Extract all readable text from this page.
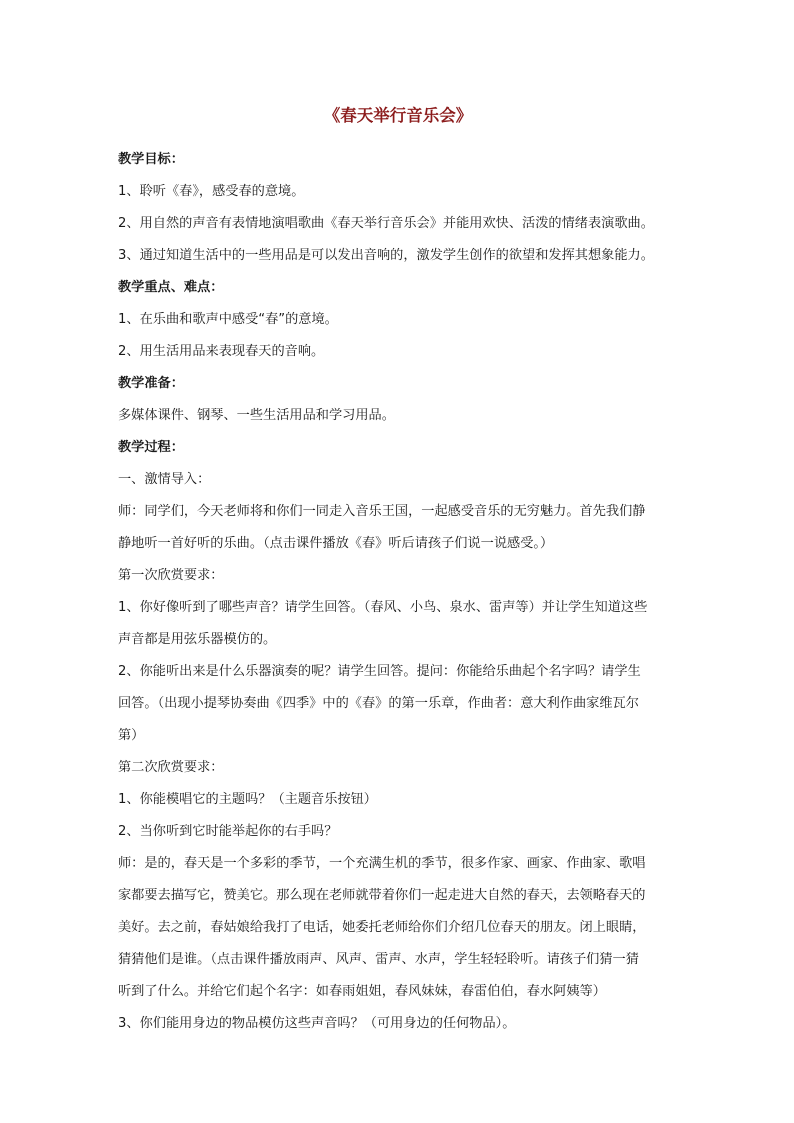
《春天举行音乐会》
教学目标：
1、聆听《春》，感受春的意境。
2、用自然的声音有表情地演唱歌曲《春天举行音乐会》并能用欢快、活泼的情绪表演歌曲。
3、通过知道生活中的一些用品是可以发出音响的，激发学生创作的欲望和发挥其想象能力。
教学重点、难点：
1、在乐曲和歌声中感受“春”的意境。
2、用生活用品来表现春天的音响。
教学准备：
多媒体课件、钢琴、一些生活用品和学习用品。
教学过程：
一、激情导入：
师：同学们，今天老师将和你们一同走入音乐王国，一起感受音乐的无穷魅力。首先我们静
静地听一首好听的乐曲。（点击课件播放《春》听后请孩子们说一说感受。）
第一次欣赏要求：
1、你好像听到了哪些声音？请学生回答。（春风、小鸟、泉水、雷声等）并让学生知道这些
声音都是用弦乐器模仿的。
2、你能听出来是什么乐器演奏的呢？请学生回答。提问：你能给乐曲起个名字吗？请学生
回答。（出现小提琴协奏曲《四季》中的《春》的第一乐章，作曲者：意大利作曲家维瓦尔
第）
第二次欣赏要求：
1、你能模唱它的主题吗？（主题音乐按钮）
2、当你听到它时能举起你的右手吗？
师：是的，春天是一个多彩的季节，一个充满生机的季节，很多作家、画家、作曲家、歌唱
家都要去描写它，赞美它。那么现在老师就带着你们一起走进大自然的春天，去领略春天的
美好。去之前，春姑娘给我打了电话，她委托老师给你们介绍几位春天的朋友。闭上眼睛，
猜猜他们是谁。（点击课件播放雨声、风声、雷声、水声，学生轻轻聆听。请孩子们猜一猜
听到了什么。并给它们起个名字：如春雨姐姐，春风妹妹，春雷伯伯，春水阿姨等）
3、你们能用身边的物品模仿这些声音吗？（可用身边的任何物品）。
